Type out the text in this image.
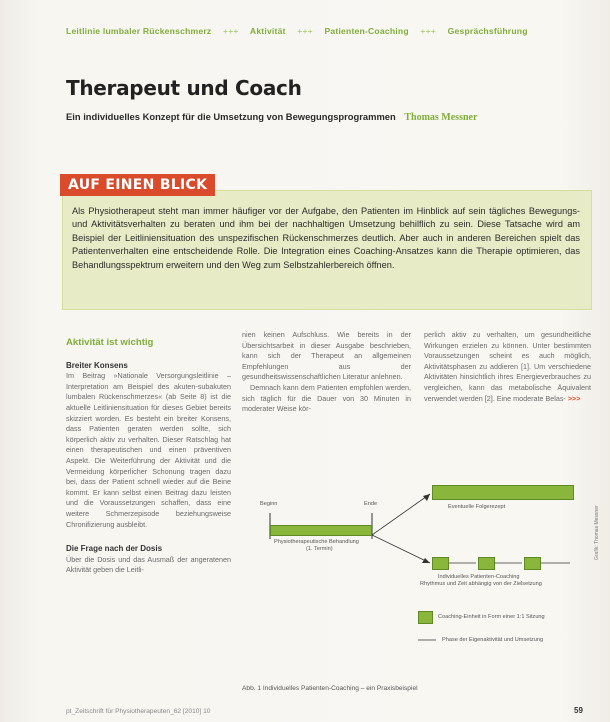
Leitlinie lumbaler Rückenschmerz +++ Aktivität +++ Patienten-Coaching +++ Gesprächsführung
Therapeut und Coach
Ein individuelles Konzept für die Umsetzung von Bewegungsprogrammen Thomas Messner
AUF EINEN BLICK
Als Physiotherapeut steht man immer häufiger vor der Aufgabe, den Patienten im Hinblick auf sein tägliches Bewegungs- und Aktivitätsverhalten zu beraten und ihm bei der nachhaltigen Umsetzung behilflich zu sein. Diese Tatsache wird am Beispiel der Leitliniensituation des unspezifischen Rückenschmerzes deutlich. Aber auch in anderen Bereichen spielt das Patientenverhalten eine entscheidende Rolle. Die Integration eines Coaching-Ansatzes kann die Therapie optimieren, das Behandlungsspektrum erweitern und den Weg zum Selbstzahlerbereich öffnen.
Aktivität ist wichtig
Breiter Konsens
Im Beitrag »Nationale Versorgungsleitlinie – Interpretation am Beispiel des akuten-subakuten lumbalen Rückenschmerzes« (ab Seite 8) ist die aktuelle Leitliniensituation für dieses Gebiet bereits skizziert worden. Es besteht ein breiter Konsens, dass Patienten geraten werden sollte, sich körperlich aktiv zu verhalten. Dieser Ratschlag hat einen therapeutischen und einen präventiven Aspekt. Die Weiterführung der Aktivität und die Vermeidung körperlicher Schonung tragen dazu bei, dass der Patient schnell wieder auf die Beine kommt. Er kann selbst einen Beitrag dazu leisten und die Voraussetzungen schaffen, dass eine weitere Schmerzepisode beziehungsweise Chronifizierung ausbleibt.
Die Frage nach der Dosis
Über die Dosis und das Ausmaß der angeratenen Aktivität geben die Leitli-
nien keinen Aufschluss. Wie bereits in der Übersichtsarbeit in dieser Ausgabe beschrieben, kann sich der Therapeut an allgemeinen Empfehlungen aus der gesundheitswissenschaftlichen Literatur anlehnen.
Demnach kann dem Patienten empfohlen werden, sich täglich für die Dauer von 30 Minuten in moderater Weise kör-
perlich aktiv zu verhalten, um gesundheitliche Wirkungen erzielen zu können. Unter bestimmten Voraussetzungen scheint es auch möglich, Aktivitätsphasen zu addieren [1]. Um verschiedene Aktivitäten hinsichtlich ihres Energieverbrauches zu vergleichen, kann das metabolische Äquivalent verwendet werden [2]. Eine moderate Belas- >>>
Beginn	Ende
Physiotherapeutische Behandlung
(1. Termin)
Eventuelle Folgerezept
Individuelles Patienten-Coaching
Rhythmus und Zeit abhängig von der Zielsetzung
Coaching-Einheit in Form einer 1:1 Sitzung
Phase der Eigenaktivität und Umsetzung
Abb. 1 Individuelles Patienten-Coaching – ein Praxisbeispiel
Grafik: Thomas Messner
pt_Zeitschrift für Physiotherapeuten_62 [2010] 10	59
